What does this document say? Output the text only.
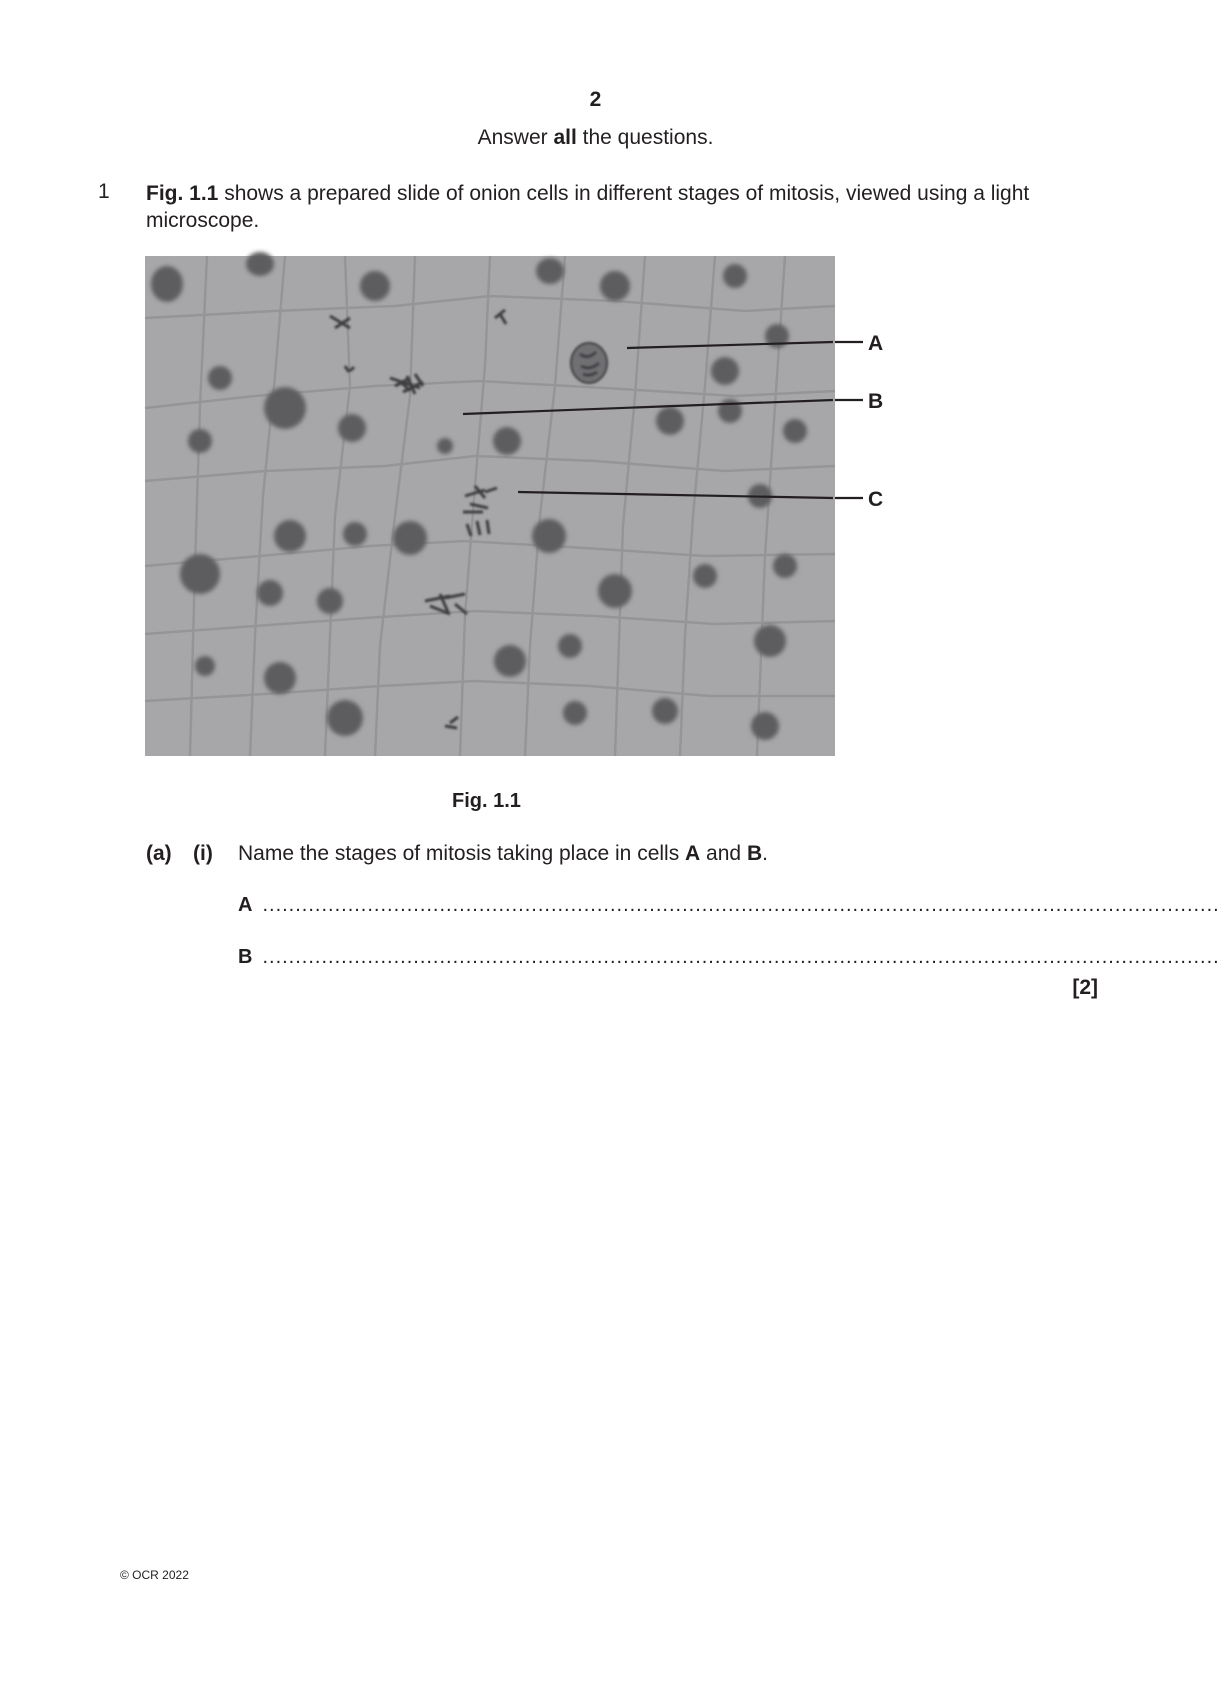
2
Answer all the questions.
1 Fig. 1.1 shows a prepared slide of onion cells in different stages of mitosis, viewed using a light microscope.
A
B
C
Fig. 1.1
(a) (i) Name the stages of mitosis taking place in cells A and B.
A ..................................................................................................................................................
B ..................................................................................................................................................
[2]
© OCR 2022
